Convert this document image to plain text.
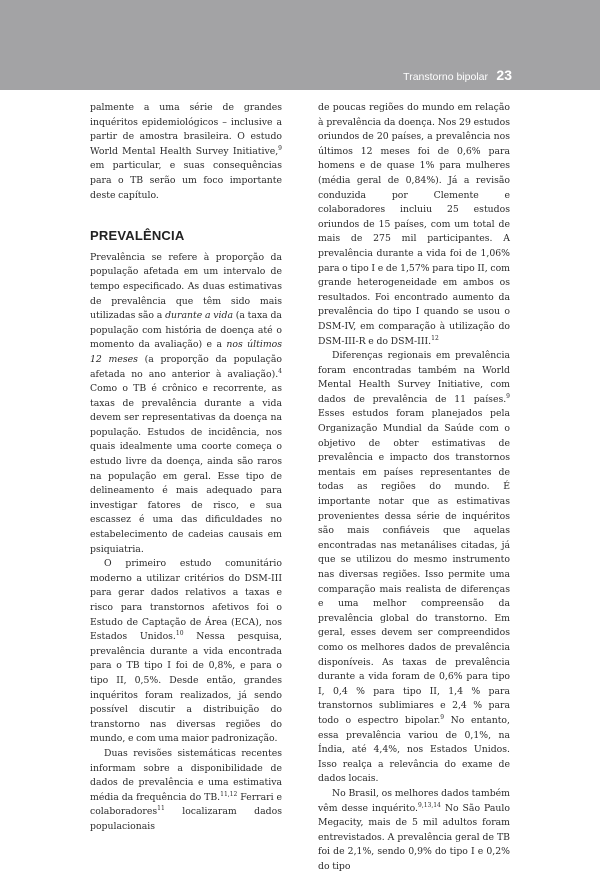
Transtorno bipolar 23

palmente a uma série de grandes inquéritos epidemiológicos – inclusive a partir de amostra brasileira. O estudo World Mental Health Survey Initiative,$^9$ em particular, e suas consequências para o TB serão um foco importante deste capítulo.

PREVALÊNCIA

Prevalência se refere à proporção da população afetada em um intervalo de tempo especificado. As duas estimativas de prevalência que têm sido mais utilizadas são a durante a vida (a taxa da população com história de doença até o momento da avaliação) e a nos últimos 12 meses (a proporção da população afetada no ano anterior à avaliação).$^4$ Como o TB é crônico e recorrente, as taxas de prevalência durante a vida devem ser representativas da doença na população. Estudos de incidência, nos quais idealmente uma coorte começa o estudo livre da doença, ainda são raros na população em geral. Esse tipo de delineamento é mais adequado para investigar fatores de risco, e sua escassez é uma das dificuldades no estabelecimento de cadeias causais em psiquiatria.

O primeiro estudo comunitário moderno a utilizar critérios do DSM-III para gerar dados relativos a taxas e risco para transtornos afetivos foi o Estudo de Captação de Área (ECA), nos Estados Unidos.$^{10}$ Nessa pesquisa, prevalência durante a vida encontrada para o TB tipo I foi de 0,8%, e para o tipo II, 0,5%. Desde então, grandes inquéritos foram realizados, já sendo possível discutir a distribuição do transtorno nas diversas regiões do mundo, e com uma maior padronização.

Duas revisões sistemáticas recentes informam sobre a disponibilidade de dados de prevalência e uma estimativa média da frequência do TB.$^{11,12}$ Ferrari e colaboradores$^{11}$ localizaram dados populacionais

de poucas regiões do mundo em relação à prevalência da doença. Nos 29 estudos oriundos de 20 países, a prevalência nos últimos 12 meses foi de 0,6% para homens e de quase 1% para mulheres (média geral de 0,84%). Já a revisão conduzida por Clemente e colaboradores incluiu 25 estudos oriundos de 15 países, com um total de mais de 275 mil participantes. A prevalência durante a vida foi de 1,06% para o tipo I e de 1,57% para tipo II, com grande heterogeneidade em ambos os resultados. Foi encontrado aumento da prevalência do tipo I quando se usou o DSM-IV, em comparação à utilização do DSM-III-R e do DSM-III.$^{12}$

Diferenças regionais em prevalência foram encontradas também na World Mental Health Survey Initiative, com dados de prevalência de 11 países.$^9$ Esses estudos foram planejados pela Organização Mundial da Saúde com o objetivo de obter estimativas de prevalência e impacto dos transtornos mentais em países representantes de todas as regiões do mundo. É importante notar que as estimativas provenientes dessa série de inquéritos são mais confiáveis que aquelas encontradas nas metanálises citadas, já que se utilizou do mesmo instrumento nas diversas regiões. Isso permite uma comparação mais realista de diferenças e uma melhor compreensão da prevalência global do transtorno. Em geral, esses devem ser compreendidos como os melhores dados de prevalência disponíveis. As taxas de prevalência durante a vida foram de 0,6% para tipo I, 0,4 % para tipo II, 1,4 % para transtornos sublimiares e 2,4 % para todo o espectro bipolar.$^9$ No entanto, essa prevalência variou de 0,1%, na Índia, até 4,4%, nos Estados Unidos. Isso realça a relevância do exame de dados locais.

No Brasil, os melhores dados também vêm desse inquérito.$^{9,13,14}$ No São Paulo Megacity, mais de 5 mil adultos foram entrevistados. A prevalência geral de TB foi de 2,1%, sendo 0,9% do tipo I e 0,2% do tipo
